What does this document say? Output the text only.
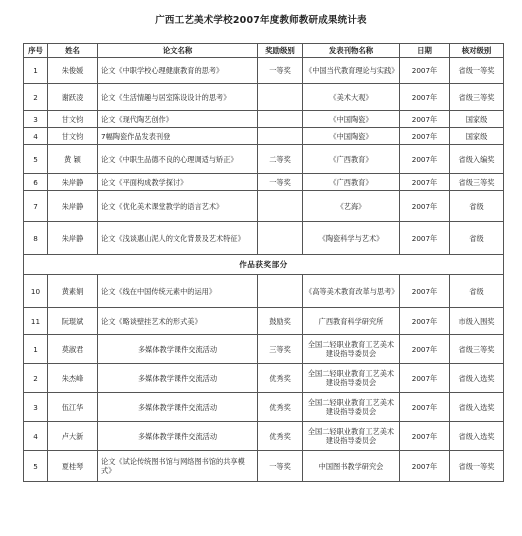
广西工艺美术学校2007年度教师教研成果统计表
序号	姓名	论文名称	奖励级别	发表刊物名称	日期	核对级别
1	朱俊媛	论文《中职学校心理健康教育的思考》	一等奖	《中国当代教育理论与实践》	2007年	省级一等奖
2	谢跃凌	论文《生活情趣与居室陈设设计的思考》		《美术大观》	2007年	省级三等奖
3	甘文钧	论文《现代陶艺创作》		《中国陶瓷》	2007年	国家级
4	甘文钧	7幅陶瓷作品发表刊登		《中国陶瓷》	2007年	国家级
5	黄 颖	论文《中职生品德不良的心理调适与矫正》	二等奖	《广西教育》	2007年	省级入编奖
6	朱岸静	论文《平面构成教学探讨》	一等奖	《广西教育》	2007年	省级三等奖
7	朱岸静	论文《优化美术课堂教学的语言艺术》		《艺海》	2007年	省级
8	朱岸静	论文《浅谈惠山泥人的文化背景及艺术特征》		《陶瓷科学与艺术》	2007年	省级
作品获奖部分						
10	黄素娟	论文《线在中国传统元素中的运用》		《高等美术教育改革与思考》	2007年	省级
11	阮琨斌	论文《略谈壁挂艺术的形式美》	鼓励奖	广西教育科学研究所	2007年	市级入围奖
1	莫淑君	多媒体教学课件交流活动	三等奖	全国二轻职业教育工艺美术建设指导委员会	2007年	省级三等奖
2	朱杰峰	多媒体教学课件交流活动	优秀奖	全国二轻职业教育工艺美术建设指导委员会	2007年	省级入选奖
3	伍江华	多媒体教学课件交流活动	优秀奖	全国二轻职业教育工艺美术建设指导委员会	2007年	省级入选奖
4	卢大新	多媒体教学课件交流活动	优秀奖	全国二轻职业教育工艺美术建设指导委员会	2007年	省级入选奖
5	夏桂琴	论文《试论传统图书馆与网络图书馆的共享模式》	一等奖	中国图书教学研究会	2007年	省级一等奖
